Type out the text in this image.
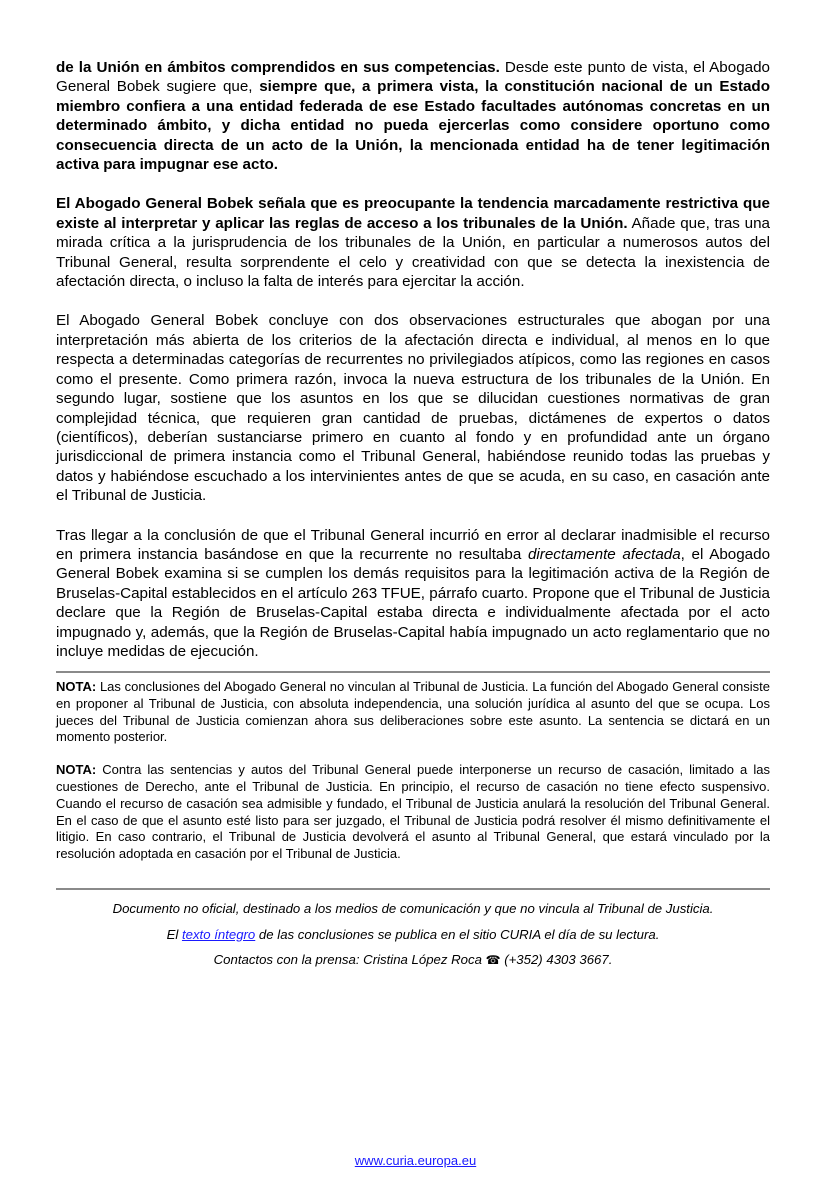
de la Unión en ámbitos comprendidos en sus competencias. Desde este punto de vista, el Abogado General Bobek sugiere que, siempre que, a primera vista, la constitución nacional de un Estado miembro confiera a una entidad federada de ese Estado facultades autónomas concretas en un determinado ámbito, y dicha entidad no pueda ejercerlas como considere oportuno como consecuencia directa de un acto de la Unión, la mencionada entidad ha de tener legitimación activa para impugnar ese acto.

El Abogado General Bobek señala que es preocupante la tendencia marcadamente restrictiva que existe al interpretar y aplicar las reglas de acceso a los tribunales de la Unión. Añade que, tras una mirada crítica a la jurisprudencia de los tribunales de la Unión, en particular a numerosos autos del Tribunal General, resulta sorprendente el celo y creatividad con que se detecta la inexistencia de afectación directa, o incluso la falta de interés para ejercitar la acción.

El Abogado General Bobek concluye con dos observaciones estructurales que abogan por una interpretación más abierta de los criterios de la afectación directa e individual, al menos en lo que respecta a determinadas categorías de recurrentes no privilegiados atípicos, como las regiones en casos como el presente. Como primera razón, invoca la nueva estructura de los tribunales de la Unión. En segundo lugar, sostiene que los asuntos en los que se dilucidan cuestiones normativas de gran complejidad técnica, que requieren gran cantidad de pruebas, dictámenes de expertos o datos (científicos), deberían sustanciarse primero en cuanto al fondo y en profundidad ante un órgano jurisdiccional de primera instancia como el Tribunal General, habiéndose reunido todas las pruebas y datos y habiéndose escuchado a los intervinientes antes de que se acuda, en su caso, en casación ante el Tribunal de Justicia.

Tras llegar a la conclusión de que el Tribunal General incurrió en error al declarar inadmisible el recurso en primera instancia basándose en que la recurrente no resultaba directamente afectada, el Abogado General Bobek examina si se cumplen los demás requisitos para la legitimación activa de la Región de Bruselas-Capital establecidos en el artículo 263 TFUE, párrafo cuarto. Propone que el Tribunal de Justicia declare que la Región de Bruselas-Capital estaba directa e individualmente afectada por el acto impugnado y, además, que la Región de Bruselas-Capital había impugnado un acto reglamentario que no incluye medidas de ejecución.

NOTA: Las conclusiones del Abogado General no vinculan al Tribunal de Justicia. La función del Abogado General consiste en proponer al Tribunal de Justicia, con absoluta independencia, una solución jurídica al asunto del que se ocupa. Los jueces del Tribunal de Justicia comienzan ahora sus deliberaciones sobre este asunto. La sentencia se dictará en un momento posterior.

NOTA: Contra las sentencias y autos del Tribunal General puede interponerse un recurso de casación, limitado a las cuestiones de Derecho, ante el Tribunal de Justicia. En principio, el recurso de casación no tiene efecto suspensivo. Cuando el recurso de casación sea admisible y fundado, el Tribunal de Justicia anulará la resolución del Tribunal General. En el caso de que el asunto esté listo para ser juzgado, el Tribunal de Justicia podrá resolver él mismo definitivamente el litigio. En caso contrario, el Tribunal de Justicia devolverá el asunto al Tribunal General, que estará vinculado por la resolución adoptada en casación por el Tribunal de Justicia.

Documento no oficial, destinado a los medios de comunicación y que no vincula al Tribunal de Justicia.

El texto íntegro de las conclusiones se publica en el sitio CURIA el día de su lectura.

Contactos con la prensa: Cristina López Roca ☎ (+352) 4303 3667.

www.curia.europa.eu
